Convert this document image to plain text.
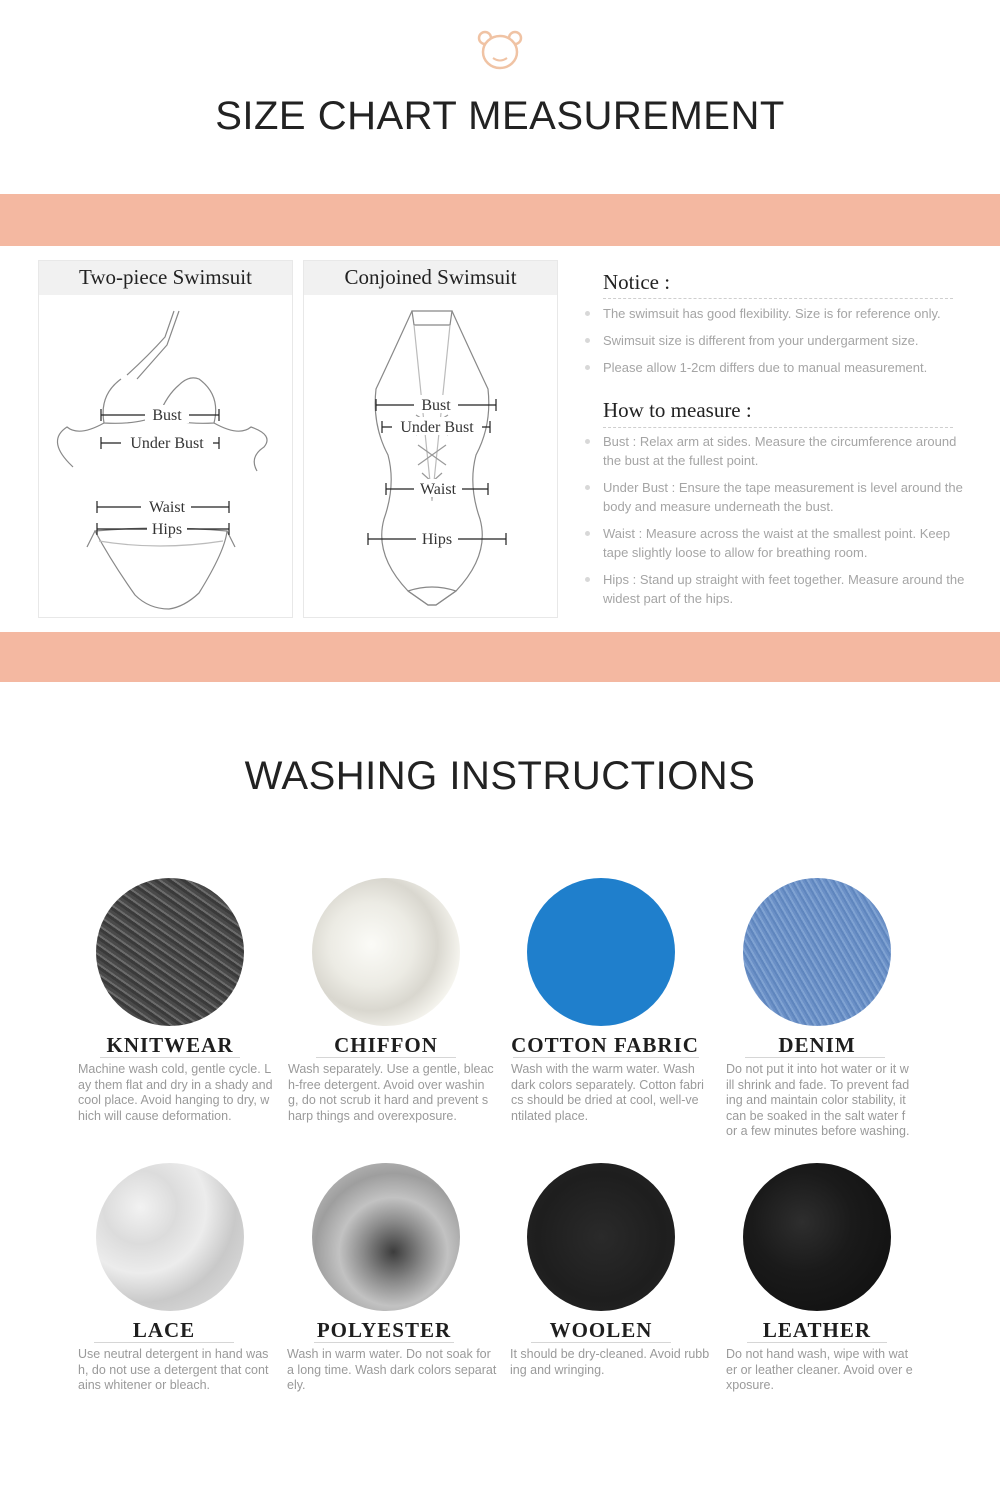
SIZE CHART MEASUREMENT
Two-piece Swimsuit
Bust
Under Bust
Waist
Hips
Conjoined Swimsuit
Bust
Under Bust
Waist
Hips
Notice :
The swimsuit has good flexibility. Size is for reference only.
Swimsuit size is different from your undergarment size.
Please allow 1-2cm differs due to manual measurement.
How to measure :
Bust : Relax arm at sides. Measure the circumference around the bust at the fullest point.
Under Bust : Ensure the tape measurement is level around the body and measure underneath the bust.
Waist : Measure across the waist at the smallest point. Keep tape slightly loose to allow for breathing room.
Hips : Stand up straight with feet together. Measure around the widest part of the hips.
WASHING INSTRUCTIONS
KNITWEAR
Machine wash cold, gentle cycle. Lay them flat and dry in a shady and cool place. Avoid hanging to dry, which will cause deformation.
CHIFFON
Wash separately. Use a gentle, bleach-free detergent. Avoid over washing, do not scrub it hard and prevent sharp things and overexposure.
COTTON FABRIC
Wash with the warm water. Wash dark colors separately. Cotton fabrics should be dried at cool, well-ventilated place.
DENIM
Do not put it into hot water or it will shrink and fade. To prevent fading and maintain color stability, it can be soaked in the salt water for a few minutes before washing.
LACE
Use neutral detergent in hand wash, do not use a detergent that contains whitener or bleach.
POLYESTER
Wash in warm water. Do not soak for a long time. Wash dark colors separately.
WOOLEN
It should be dry-cleaned. Avoid rubbing and wringing.
LEATHER
Do not hand wash, wipe with water or leather cleaner. Avoid over exposure.
